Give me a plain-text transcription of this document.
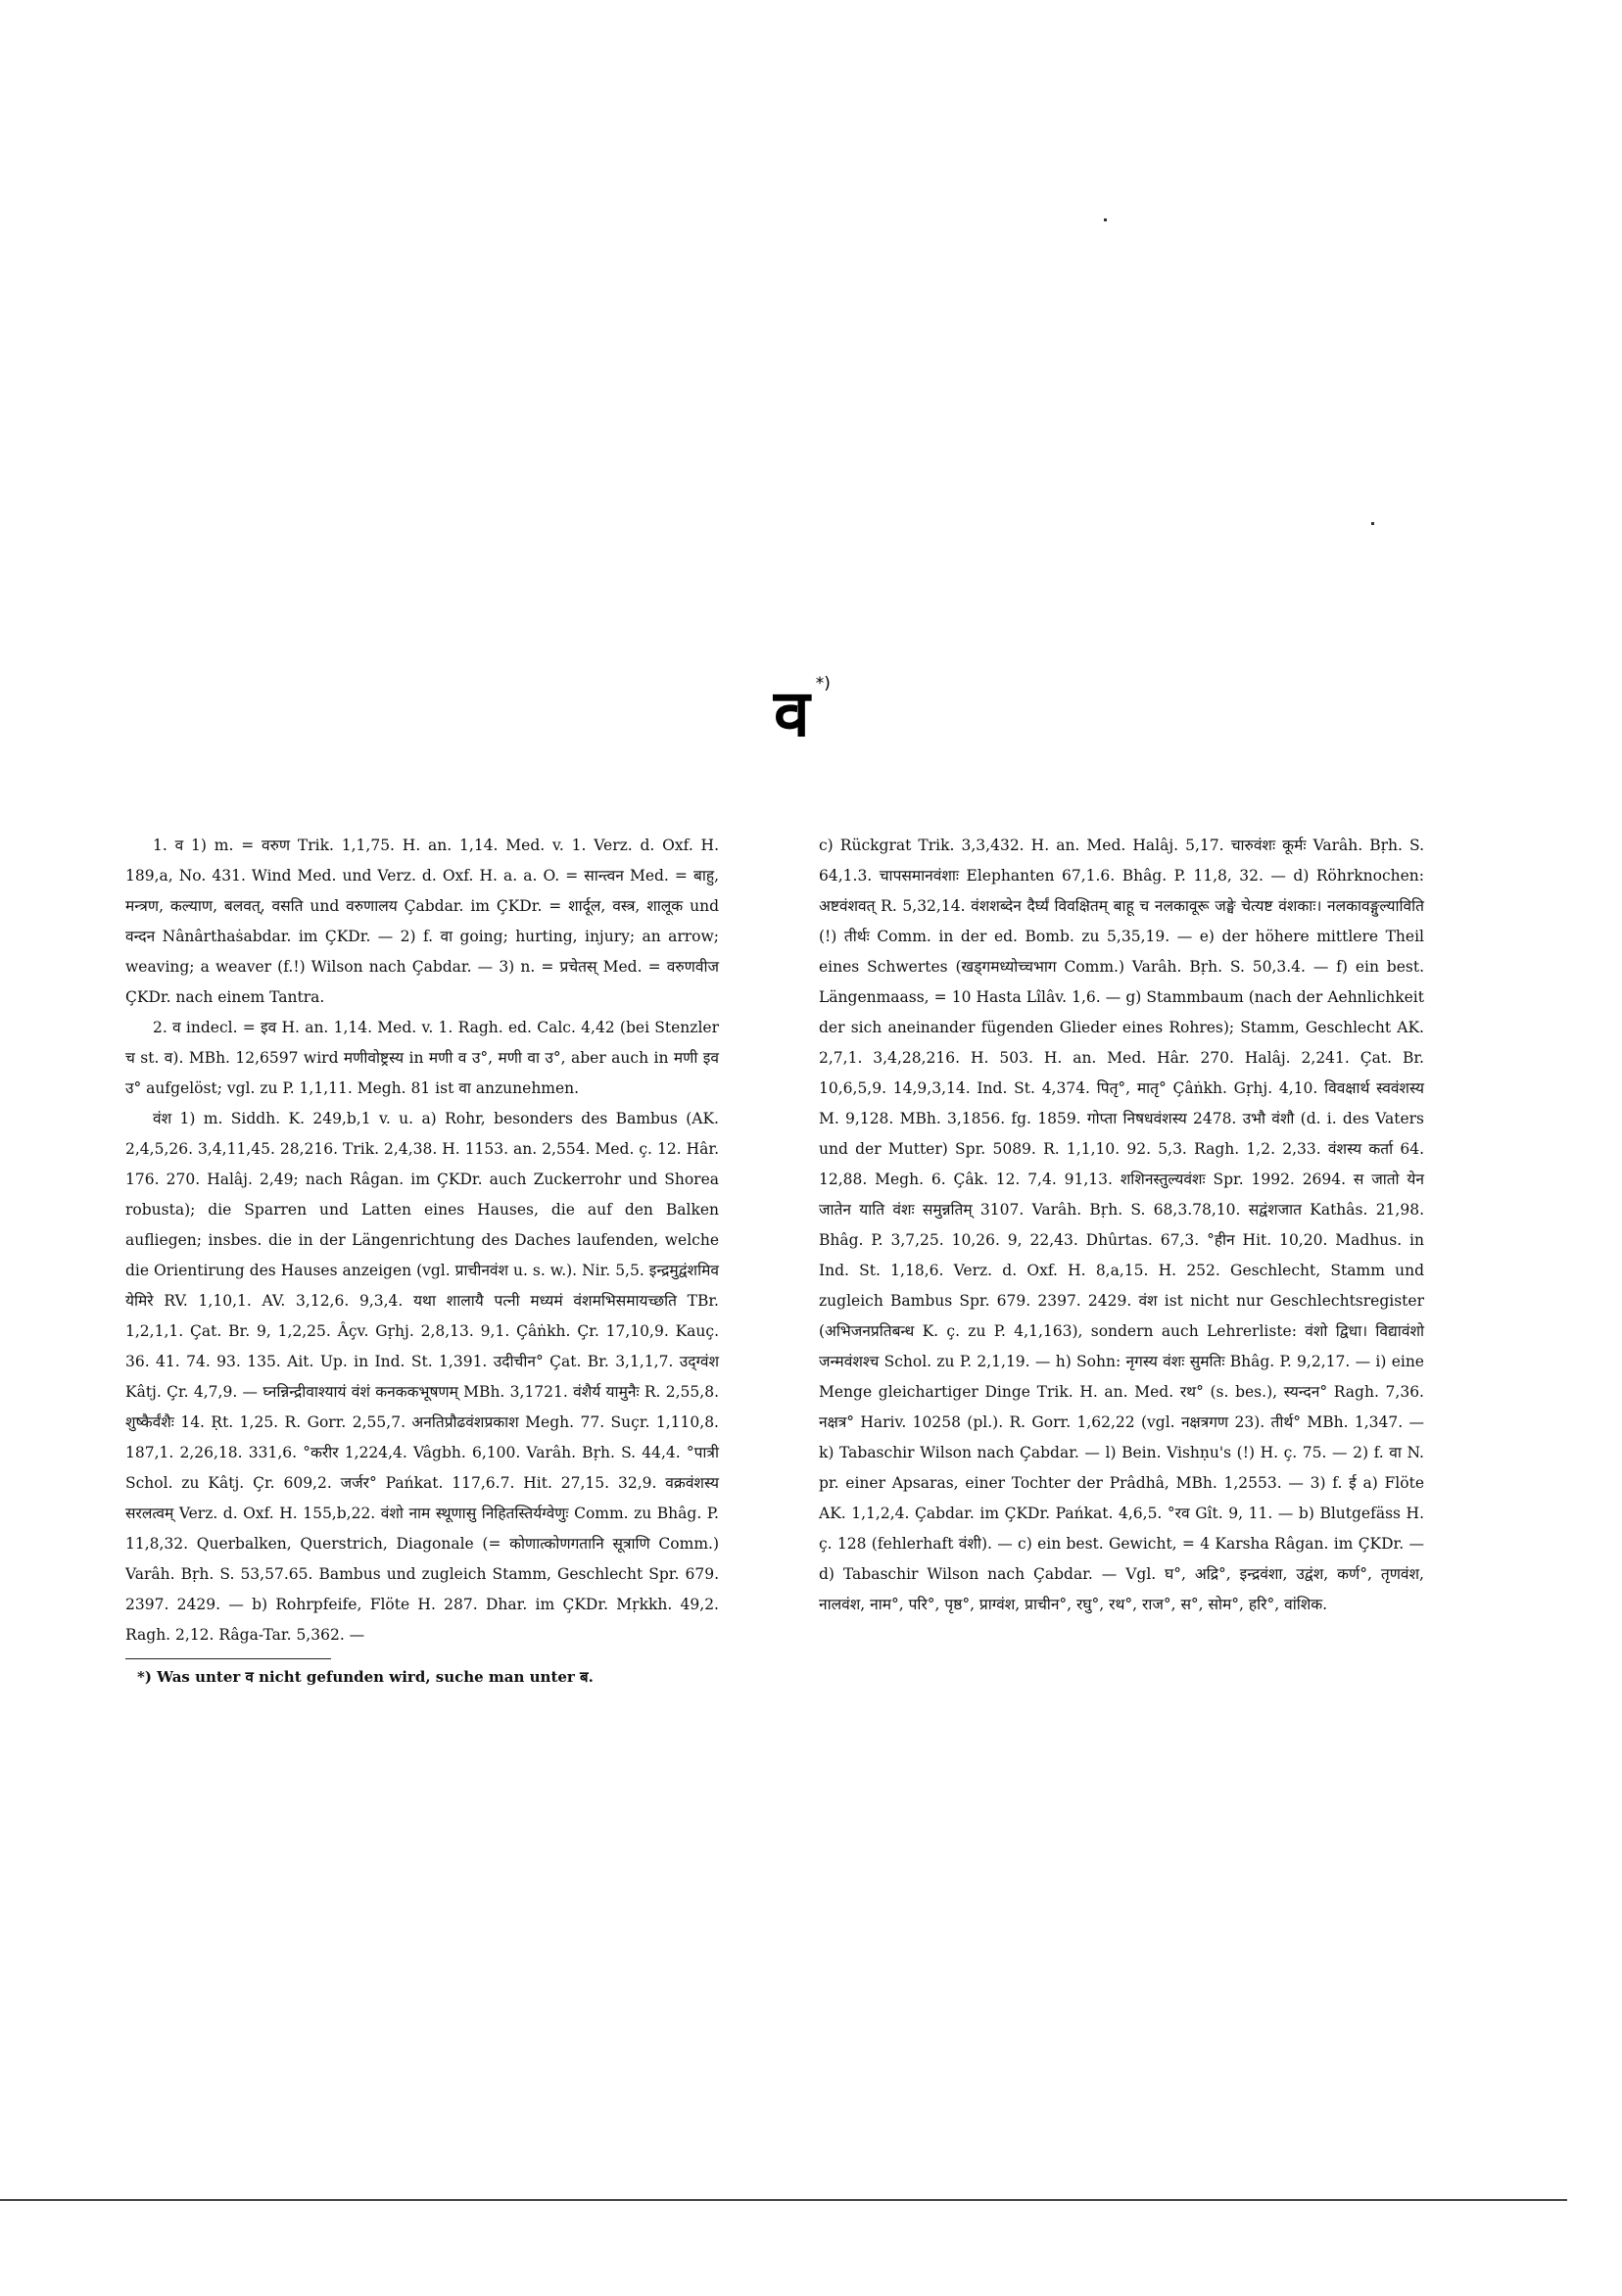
व *)

1. व 1) m. = वरुण Trik. 1,1,75. H. an. 1,14. Med. v. 1. Verz. d. Oxf. H. 189,a, No. 431. Wind Med. und Verz. d. Oxf. H. a. a. O. = सान्त्वन Med. = बाहु, मन्त्रण, कल्याण, बलवत्, वसति und वरुणालय Çabdar. im ÇKDr. = शार्दूल, वस्त्र, शालूक und वन्दन Nânârthaṡabdar. im ÇKDr. — 2) f. वा going; hurting, injury; an arrow; weaving; a weaver (f.!) Wilson nach Çabdar. — 3) n. = प्रचेतस् Med. = वरुणवीज ÇKDr. nach einem Tantra.

2. व indecl. = इव H. an. 1,14. Med. v. 1. Ragh. ed. Calc. 4,42 (bei Stenzler च st. व). MBh. 12,6597 wird मणीवोष्ट्रस्य in मणी व उ°, मणी वा उ°, aber auch in मणी इव उ° aufgelöst; vgl. zu P. 1,1,11. Megh. 81 ist वा anzunehmen.

वंश 1) m. Siddh. K. 249,b,1 v. u. a) Rohr, besonders des Bambus (AK. 2,4,5,26. 3,4,11,45. 28,216. Trik. 2,4,38. H. 1153. an. 2,554. Med. ç. 12. Hâr. 176. 270. Halâj. 2,49; nach Râgan. im ÇKDr. auch Zuckerrohr und Shorea robusta); die Sparren und Latten eines Hauses, die auf den Balken aufliegen; insbes. die in der Längenrichtung des Daches laufenden, welche die Orientirung des Hauses anzeigen (vgl. प्राचीनवंश u. s. w.). Nir. 5,5. इन्द्रमुद्वंशमिव येमिरे RV. 1,10,1. AV. 3,12,6. 9,3,4. यथा शालायै पत्नी मध्यमं वंशमभिसमायच्छति TBr. 1,2,1,1. Çat. Br. 9, 1,2,25. Âçv. Gṛhj. 2,8,13. 9,1. Çâṅkh. Çr. 17,10,9. Kauç. 36. 41. 74. 93. 135. Ait. Up. in Ind. St. 1,391. उदीचीन° Çat. Br. 3,1,1,7. उद्ग्वंश Kâtj. Çr. 4,7,9. — घ्नन्निन्द्रीवाश्यायं वंशं कनककभूषणम् MBh. 3,1721. वंशैर्य यामुनैः R. 2,55,8. शुष्कैर्वंशैः 14. Ṛt. 1,25. R. Gorr. 2,55,7. अनतिप्रौढवंशप्रकाश Megh. 77. Suçr. 1,110,8. 187,1. 2,26,18. 331,6. °करीर 1,224,4. Vâgbh. 6,100. Varâh. Bṛh. S. 44,4. °पात्री Schol. zu Kâtj. Çr. 609,2. जर्जर° Pańkat. 117,6.7. Hit. 27,15. 32,9. वक्रवंशस्य सरलत्वम् Verz. d. Oxf. H. 155,b,22. वंशो नाम स्थूणासु निहितस्तिर्यग्वेणुः Comm. zu Bhâg. P. 11,8,32. Querbalken, Querstrich, Diagonale (= कोणात्कोणगतानि सूत्राणि Comm.) Varâh. Bṛh. S. 53,57.65. Bambus und zugleich Stamm, Geschlecht Spr. 679. 2397. 2429. — b) Rohrpfeife, Flöte H. 287. Dhar. im ÇKDr. Mṛkkh. 49,2. Ragh. 2,12. Râga-Tar. 5,362. —

*) Was unter व nicht gefunden wird, suche man unter ब.

c) Rückgrat Trik. 3,3,432. H. an. Med. Halâj. 5,17. चारुवंशः कूर्मः Varâh. Bṛh. S. 64,1.3. चापसमानवंशाः Elephanten 67,1.6. Bhâg. P. 11,8, 32. — d) Röhrknochen: अष्टवंशवत् R. 5,32,14. वंशशब्देन दैर्घ्यं विवक्षितम् बाहू च नलकावूरू जङ्घे चेत्यष्ट वंशकाः। नलकावङ्गुल्याविति (!) तीर्थः Comm. in der ed. Bomb. zu 5,35,19. — e) der höhere mittlere Theil eines Schwertes (खड्गमध्योच्चभाग Comm.) Varâh. Bṛh. S. 50,3.4. — f) ein best. Längenmaass, = 10 Hasta Lîlâv. 1,6. — g) Stammbaum (nach der Aehnlichkeit der sich aneinander fügenden Glieder eines Rohres); Stamm, Geschlecht AK. 2,7,1. 3,4,28,216. H. 503. H. an. Med. Hâr. 270. Halâj. 2,241. Çat. Br. 10,6,5,9. 14,9,3,14. Ind. St. 4,374. पितृ°, मातृ° Çâṅkh. Gṛhj. 4,10. विवक्षार्थ स्ववंशस्य M. 9,128. MBh. 3,1856. fg. 1859. गोप्ता निषधवंशस्य 2478. उभौ वंशौ (d. i. des Vaters und der Mutter) Spr. 5089. R. 1,1,10. 92. 5,3. Ragh. 1,2. 2,33. वंशस्य कर्ता 64. 12,88. Megh. 6. Çâk. 12. 7,4. 91,13. शशिनस्तुल्यवंशः Spr. 1992. 2694. स जातो येन जातेन याति वंशः समुन्नतिम् 3107. Varâh. Bṛh. S. 68,3.78,10. सद्वंशजात Kathâs. 21,98. Bhâg. P. 3,7,25. 10,26. 9, 22,43. Dhûrtas. 67,3. °हीन Hit. 10,20. Madhus. in Ind. St. 1,18,6. Verz. d. Oxf. H. 8,a,15. H. 252. Geschlecht, Stamm und zugleich Bambus Spr. 679. 2397. 2429. वंश ist nicht nur Geschlechtsregister (अभिजनप्रतिबन्ध K. ç. zu P. 4,1,163), sondern auch Lehrerliste: वंशो द्विधा। विद्यावंशो जन्मवंशश्च Schol. zu P. 2,1,19. — h) Sohn: नृगस्य वंशः सुमतिः Bhâg. P. 9,2,17. — i) eine Menge gleichartiger Dinge Trik. H. an. Med. रथ° (s. bes.), स्यन्दन° Ragh. 7,36. नक्षत्र° Hariv. 10258 (pl.). R. Gorr. 1,62,22 (vgl. नक्षत्रगण 23). तीर्थ° MBh. 1,347. — k) Tabaschir Wilson nach Çabdar. — l) Bein. Vishṇu's (!) H. ç. 75. — 2) f. वा N. pr. einer Apsaras, einer Tochter der Prâdhâ, MBh. 1,2553. — 3) f. ई a) Flöte AK. 1,1,2,4. Çabdar. im ÇKDr. Pańkat. 4,6,5. °रव Gît. 9, 11. — b) Blutgefäss H. ç. 128 (fehlerhaft वंशी). — c) ein best. Gewicht, = 4 Karsha Râgan. im ÇKDr. — d) Tabaschir Wilson nach Çabdar. — Vgl. घ°, अद्रि°, इन्द्रवंशा, उद्वंश, कर्ण°, तृणवंश, नालवंश, नाम°, परि°, पृष्ठ°, प्राग्वंश, प्राचीन°, रघु°, रथ°, राज°, स°, सोम°, हरि°, वांशिक.
